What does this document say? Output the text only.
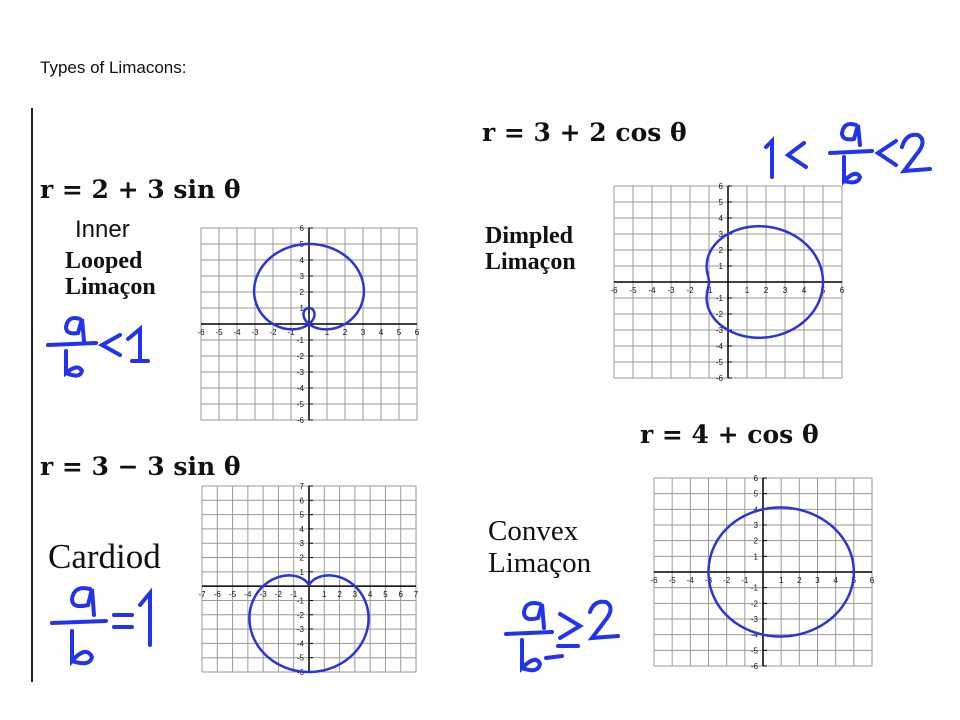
Types of Limacons:
r = 2 + 3 sin θ
Inner
Looped
Limaçon
-6 -5 -4 -3 -2 -1	1 2 3 4 5 6
-6
-5
-4
-3
-2
-1
1
2
3
4
5
6
r = 3 + 2 cos θ
Dimpled
Limaçon
-6 -5 -4 -3 -2 -1	1 2 3 4 5 6
-6
-5
-4
-3
-2
-1
1
2
3
4
5
6
r = 3 − 3 sin θ
Cardiod
-7 -6 -5 -4 -3 -2 -1	1 2 3 4 5 6 7
-6
-5
-4
-3
-2
-1
1
2
3
4
5
6
7
r = 4 + cos θ
Convex
Limaçon
-6 -5 -4 -3 -2 -1	1 2 3 4 5 6
-6
-5
-4
-3
-2
-1
1
2
3
4
5
6
